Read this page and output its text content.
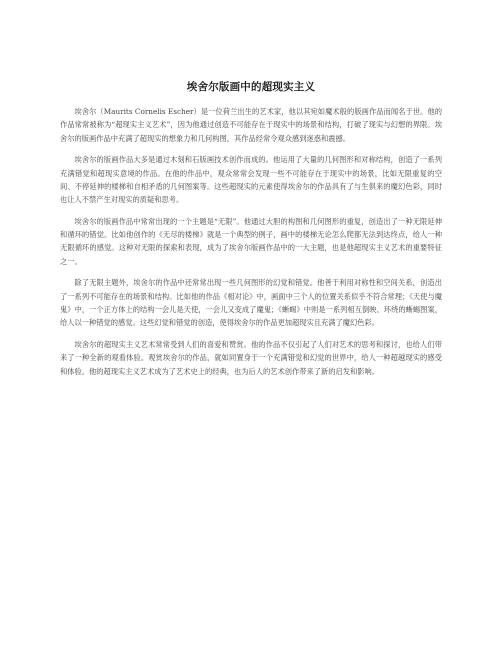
埃舍尔版画中的超现实主义

埃舍尔（Maurits Cornelis Escher）是一位荷兰出生的艺术家，他以其宛如魔术般的版画作品而闻名于世。他的作品常常被称为“超现实主义艺术”，因为他通过创造不可能存在于现实中的场景和结构，打破了现实与幻想的界限。埃舍尔的版画作品中充满了超现实的想象力和几何构图，其作品经常令观众感到迷惑和震撼。

埃舍尔的版画作品大多是通过木刻和石版画技术创作而成的。他运用了大量的几何图形和对称结构，创造了一系列充满错觉和超现实意境的作品。在他的作品中，观众常常会发现一些不可能存在于现实中的场景，比如无限重复的空间、不停延伸的楼梯和自相矛盾的几何图案等。这些超现实的元素使得埃舍尔的作品具有了与生俱来的魔幻色彩，同时也让人不禁产生对现实的质疑和思考。

埃舍尔的版画作品中常常出现的一个主题是“无限”。他通过大胆的构图和几何图形的重复，创造出了一种无限延伸和循环的错觉。比如他创作的《无尽的楼梯》就是一个典型的例子，画中的楼梯无论怎么爬都无法到达终点，给人一种无限循环的感觉。这种对无限的探索和表现，成为了埃舍尔版画作品中的一大主题，也是他超现实主义艺术的重要特征之一。

除了无限主题外，埃舍尔的作品中还常常出现一些几何图形的幻觉和错觉。他善于利用对称性和空间关系，创造出了一系列不可能存在的场景和结构。比如他的作品《相对论》中，画面中三个人的位置关系似乎不符合常理；《天使与魔鬼》中，一个正方体上的结构一会儿是天使，一会儿又变成了魔鬼；《蜥蜴》中则是一系列相互倒映、环绕的蜥蜴图案，给人以一种错觉的感觉。这些幻觉和错觉的创造，使得埃舍尔的作品更加超现实且充满了魔幻色彩。

埃舍尔的超现实主义艺术常常受到人们的喜爱和赞赏。他的作品不仅引起了人们对艺术的思考和探讨，也给人们带来了一种全新的观看体验。观赏埃舍尔的作品，就如同置身于一个充满错觉和幻觉的世界中，给人一种超越现实的感受和体验。他的超现实主义艺术成为了艺术史上的经典，也为后人的艺术创作带来了新的启发和影响。
